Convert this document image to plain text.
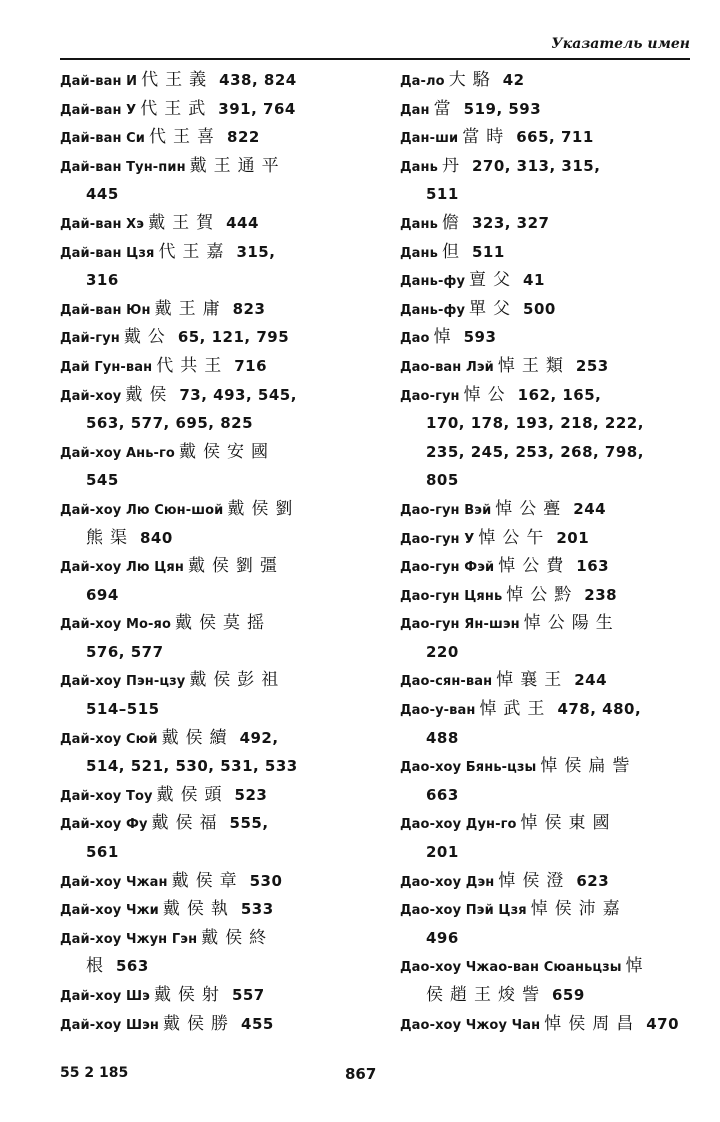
Указатель имен
Дай-ван И 代王義 438, 824
Дай-ван У 代王武 391, 764
Дай-ван Си 代王喜 822
Дай-ван Тун-пин 戴王通平
445
Дай-ван Хэ 戴王賀 444
Дай-ван Цзя 代王嘉 315,
316
Дай-ван Юн 戴王庸 823
Дай-гун 戴公 65, 121, 795
Дай Гун-ван 代共王 716
Дай-хоу 戴侯 73, 493, 545,
563, 577, 695, 825
Дай-хоу Ань-го 戴侯安國
545
Дай-хоу Лю Сюн-шой 戴侯劉
熊渠 840
Дай-хоу Лю Цян 戴侯劉彊
694
Дай-хоу Мо-яо 戴侯莫摇
576, 577
Дай-хоу Пэн-цзу 戴侯彭祖
514–515
Дай-хоу Сюй 戴侯續 492,
514, 521, 530, 531, 533
Дай-хоу Тоу 戴侯頭 523
Дай-хоу Фу 戴侯福 555,
561
Дай-хоу Чжан 戴侯章 530
Дай-хоу Чжи 戴侯執 533
Дай-хоу Чжун Гэн 戴侯終
根 563
Дай-хоу Шэ 戴侯射 557
Дай-хоу Шэн 戴侯勝 455
Да-ло 大駱 42
Дан 當 519, 593
Дан-ши 當時 665, 711
Дань 丹 270, 313, 315,
511
Дань 儋 323, 327
Дань 但 511
Дань-фу 亶父 41
Дань-фу 單父 500
Дао 悼 593
Дао-ван Лэй 悼王類 253
Дао-гун 悼公 162, 165,
170, 178, 193, 218, 222,
235, 245, 253, 268, 798,
805
Дао-гун Вэй 悼公亹 244
Дао-гун У 悼公午 201
Дао-гун Фэй 悼公費 163
Дао-гун Цянь 悼公黔 238
Дао-гун Ян-шэн 悼公陽生
220
Дао-сян-ван 悼襄王 244
Дао-у-ван 悼武王 478, 480,
488
Дао-хоу Бянь-цзы 悼侯扁訾
663
Дао-хоу Дун-го 悼侯東國
201
Дао-хоу Дэн 悼侯澄 623
Дао-хоу Пэй Цзя 悼侯沛嘉
496
Дао-хоу Чжао-ван Сюаньцзы 悼
侯趙王焌訾 659
Дао-хоу Чжоу Чан 悼侯周昌 470
55 2 185	867
